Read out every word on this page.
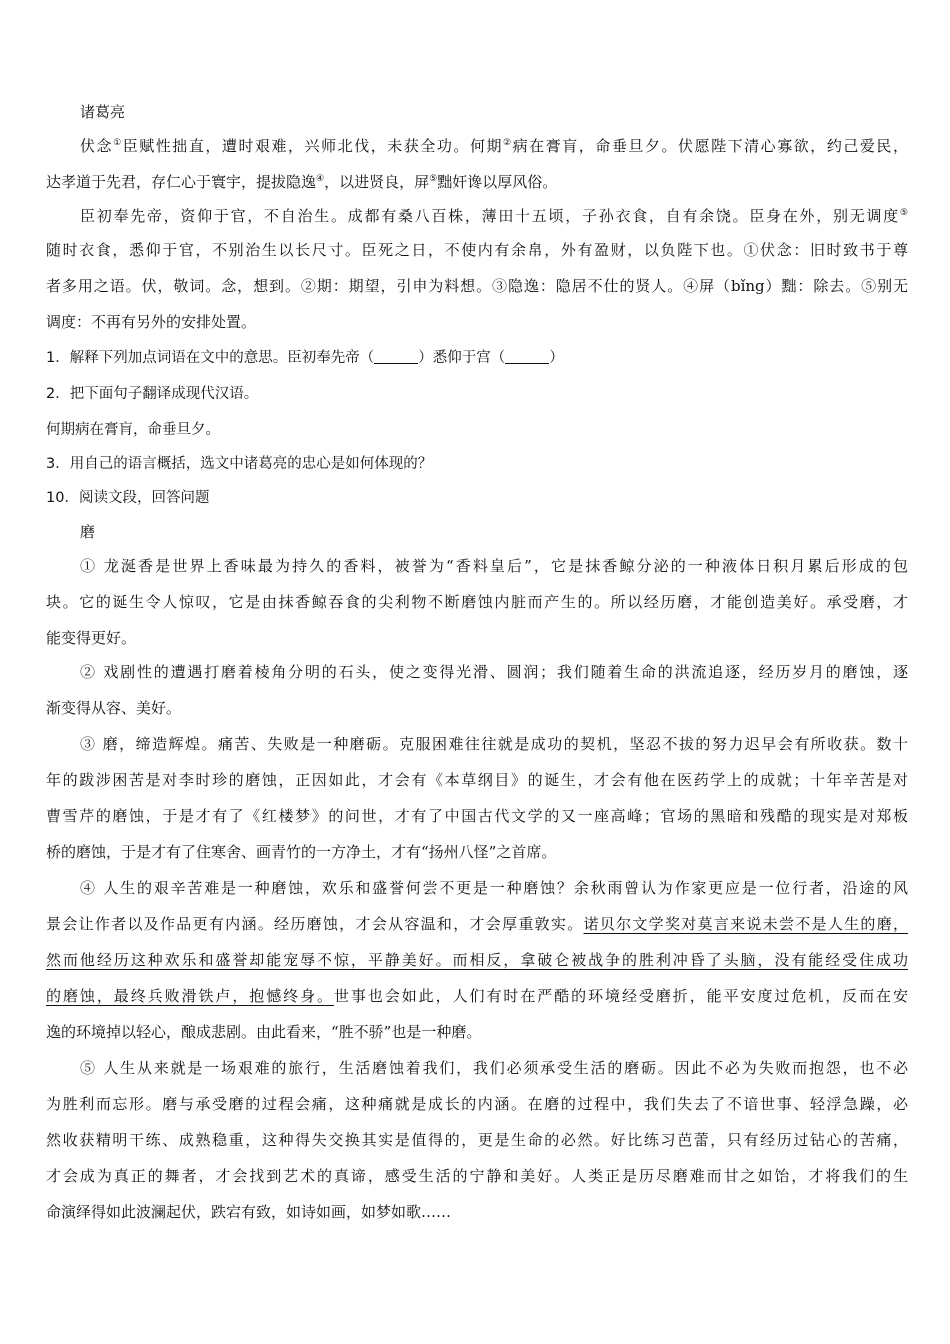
诸葛亮
伏念①臣赋性拙直，遭时艰难，兴师北伐，未获全功。何期②病在膏肓，命垂旦夕。伏愿陛下清心寡欲，约己爱民，
达孝道于先君，存仁心于寰宇，提拔隐逸④，以进贤良，屏⑤黜奸谗以厚风俗。
臣初奉先帝，资仰于官，不自治生。成都有桑八百株，薄田十五顷，子孙衣食，自有余饶。臣身在外，别无调度⑤
随时衣食，悉仰于官，不别治生以长尺寸。臣死之日，不使内有余帛，外有盈财，以负陛下也。①伏念：旧时致书于尊
者多用之语。伏，敬词。念，想到。②期：期望，引申为料想。③隐逸：隐居不仕的贤人。④屏（bǐng）黜：除去。⑤别无
调度：不再有另外的安排处置。
1．解释下列加点词语在文中的意思。臣初奉先帝（	）悉仰于宫（	）
2．把下面句子翻译成现代汉语。
何期病在膏肓，命垂旦夕。
3．用自己的语言概括，选文中诸葛亮的忠心是如何体现的？
10．阅读文段，回答问题
磨
① 龙涎香是世界上香味最为持久的香料，被誉为“香料皇后”，它是抹香鲸分泌的一种液体日积月累后形成的包
块。它的诞生令人惊叹，它是由抹香鲸吞食的尖利物不断磨蚀内脏而产生的。所以经历磨，才能创造美好。承受磨，才
能变得更好。
② 戏剧性的遭遇打磨着棱角分明的石头，使之变得光滑、圆润；我们随着生命的洪流追逐，经历岁月的磨蚀，逐
渐变得从容、美好。
③ 磨，缔造辉煌。痛苦、失败是一种磨砺。克服困难往往就是成功的契机，坚忍不拔的努力迟早会有所收获。数十
年的跋涉困苦是对李时珍的磨蚀，正因如此，才会有《本草纲目》的诞生，才会有他在医药学上的成就；十年辛苦是对
曹雪芹的磨蚀，于是才有了《红楼梦》的问世，才有了中国古代文学的又一座高峰；官场的黑暗和残酷的现实是对郑板
桥的磨蚀，于是才有了住寒舍、画青竹的一方净土，才有“扬州八怪”之首席。
④ 人生的艰辛苦难是一种磨蚀，欢乐和盛誉何尝不更是一种磨蚀？余秋雨曾认为作家更应是一位行者，沿途的风
景会让作者以及作品更有内涵。经历磨蚀，才会从容温和，才会厚重敦实。诺贝尔文学奖对莫言来说未尝不是人生的磨，
然而他经历这种欢乐和盛誉却能宠辱不惊，平静美好。而相反，拿破仑被战争的胜利冲昏了头脑，没有能经受住成功
的磨蚀，最终兵败滑铁卢，抱憾终身。世事也会如此，人们有时在严酷的环境经受磨折，能平安度过危机，反而在安
逸的环境掉以轻心，酿成悲剧。由此看来，“胜不骄”也是一种磨。
⑤ 人生从来就是一场艰难的旅行，生活磨蚀着我们，我们必须承受生活的磨砺。因此不必为失败而抱怨，也不必
为胜利而忘形。磨与承受磨的过程会痛，这种痛就是成长的内涵。在磨的过程中，我们失去了不谙世事、轻浮急躁，必
然收获精明干练、成熟稳重，这种得失交换其实是值得的，更是生命的必然。好比练习芭蕾，只有经历过钻心的苦痛，
才会成为真正的舞者，才会找到艺术的真谛，感受生活的宁静和美好。人类正是历尽磨难而甘之如饴，才将我们的生
命演绎得如此波澜起伏，跌宕有致，如诗如画，如梦如歌……
